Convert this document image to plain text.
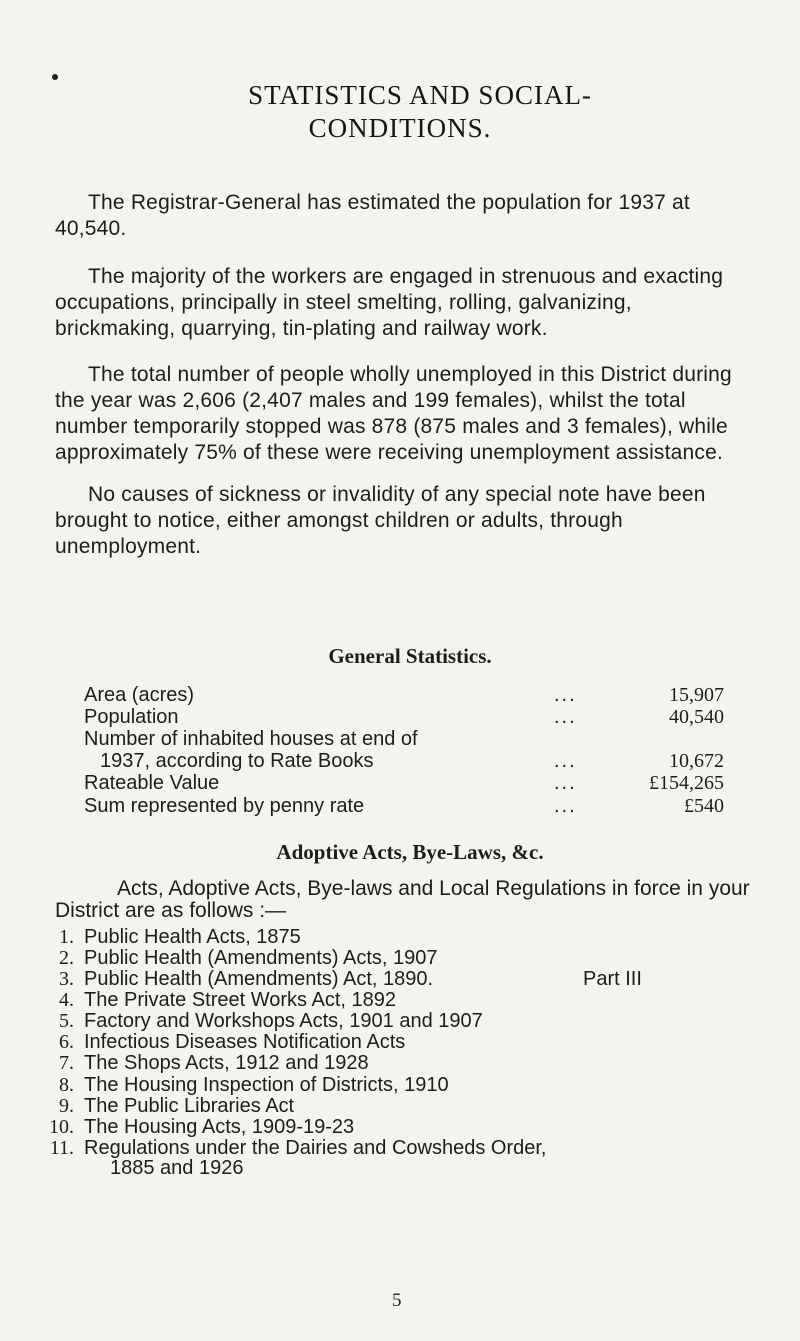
STATISTICS AND SOCIAL-
CONDITIONS.

The Registrar-General has estimated the population for 1937 at 40,540.

The majority of the workers are engaged in strenuous and exacting occupations, principally in steel smelting, rolling, galvanizing, brickmaking, quarrying, tin-plating and railway work.

The total number of people wholly unemployed in this District during the year was 2,606 (2,407 males and 199 females), whilst the total number temporarily stopped was 878 (875 males and 3 females), while approximately 75% of these were receiving unemployment assistance.

No causes of sickness or invalidity of any special note have been brought to notice, either amongst children or adults, through unemployment.

General Statistics.
Area (acres)	...	15,907
Population	...	40,540
Number of inhabited houses at end of
1937, according to Rate Books	...	10,672
Rateable Value	...	£154,265
Sum represented by penny rate	...	£540
Adoptive Acts, Bye-Laws, &c.

Acts, Adoptive Acts, Bye-laws and Local Regulations in force in your District are as follows :—

1. Public Health Acts, 1875
2. Public Health (Amendments) Acts, 1907
3. Public Health (Amendments) Act, 1890.	Part III
4. The Private Street Works Act, 1892
5. Factory and Workshops Acts, 1901 and 1907
6. Infectious Diseases Notification Acts
7. The Shops Acts, 1912 and 1928
8. The Housing Inspection of Districts, 1910
9. The Public Libraries Act
10. The Housing Acts, 1909-19-23
11. Regulations under the Dairies and Cowsheds Order,
1885 and 1926
5
